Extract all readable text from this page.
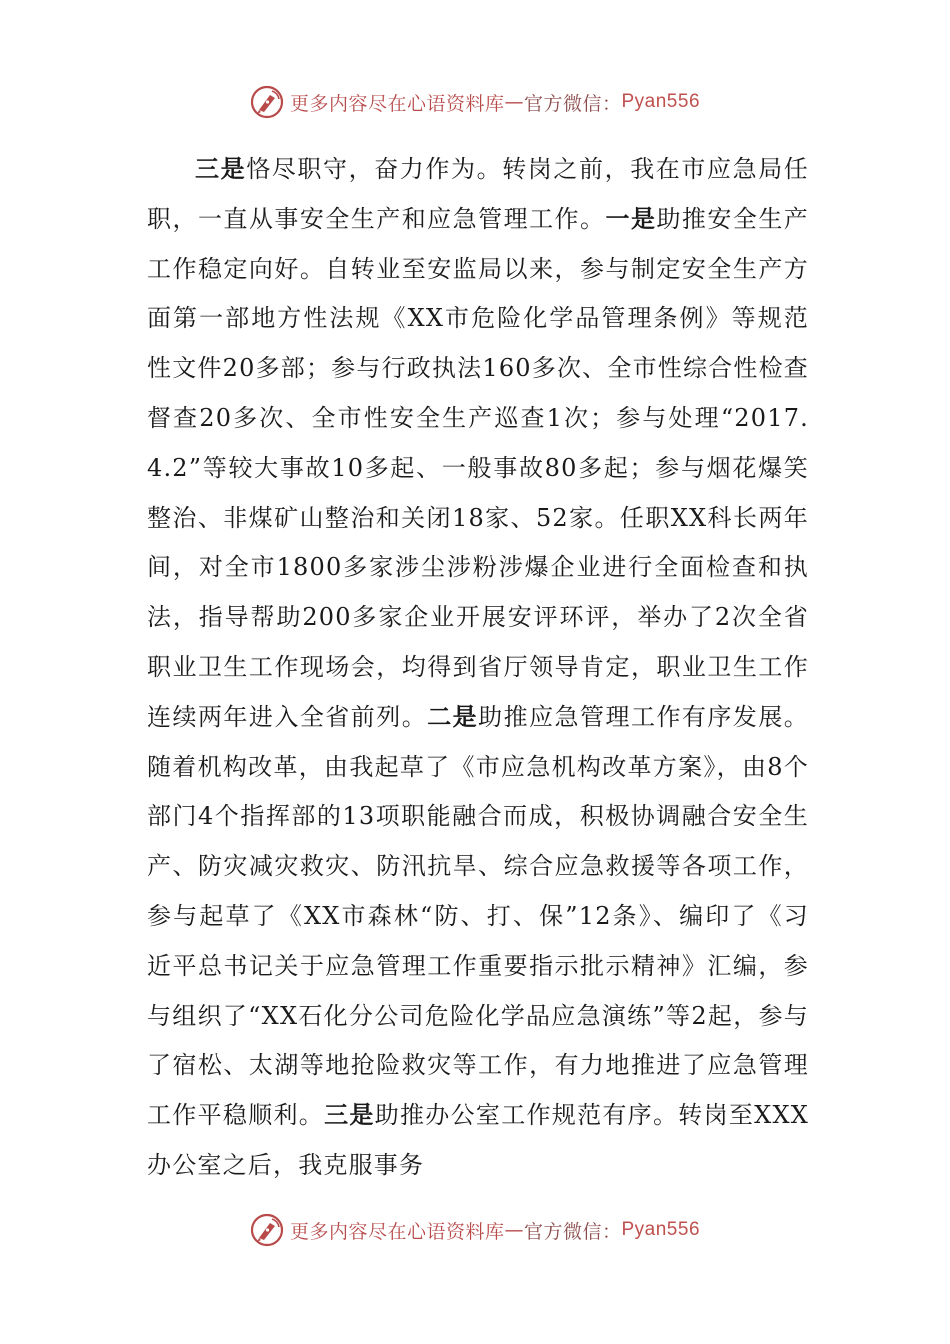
更多内容尽在心语资料库 — 官方微信： Pyan556

三是恪尽职守，奋力作为。转岗之前，我在市应急局任职，一直从事安全生产和应急管理工作。一是助推安全生产工作稳定向好。自转业至安监局以来，参与制定安全生产方面第一部地方性法规《XX市危险化学品管理条例》等规范性文件20多部；参与行政执法160多次、全市性综合性检查督查20多次、全市性安全生产巡查1次；参与处理“2017.4.2”等较大事故10多起、一般事故80多起；参与烟花爆笑整治、非煤矿山整治和关闭18家、52家。任职XX科长两年间，对全市1800多家涉尘涉粉涉爆企业进行全面检查和执法，指导帮助200多家企业开展安评环评，举办了2次全省职业卫生工作现场会，均得到省厅领导肯定，职业卫生工作连续两年进入全省前列。二是助推应急管理工作有序发展。随着机构改革，由我起草了《市应急机构改革方案》，由8个部门4个指挥部的13项职能融合而成，积极协调融合安全生产、防灾减灾救灾、防汛抗旱、综合应急救援等各项工作，参与起草了《XX市森林“防、打、保”12条》、编印了《习近平总书记关于应急管理工作重要指示批示精神》汇编，参与组织了“XX石化分公司危险化学品应急演练”等2起，参与了宿松、太湖等地抢险救灾等工作，有力地推进了应急管理工作平稳顺利。三是助推办公室工作规范有序。转岗至XXX办公室之后，我克服事务

更多内容尽在心语资料库 — 官方微信： Pyan556
